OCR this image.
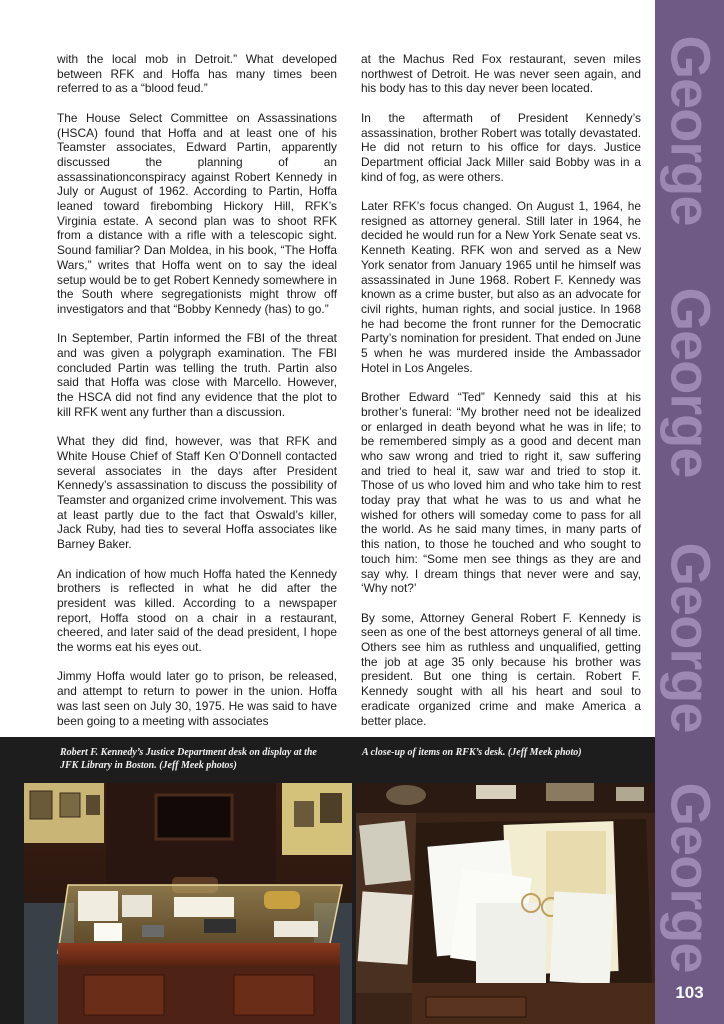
with the local mob in Detroit.” What developed between RFK and Hoffa has many times been referred to as a “blood feud.”

The House Select Committee on Assassinations (HSCA) found that Hoffa and at least one of his Teamster associates, Edward Partin, apparently discussed the planning of an assassinationconspiracy against Robert Kennedy in July or August of 1962. According to Partin, Hoffa leaned toward firebombing Hickory Hill, RFK’s Virginia estate. A second plan was to shoot RFK from a distance with a rifle with a telescopic sight. Sound familiar? Dan Moldea, in his book, “The Hoffa Wars,” writes that Hoffa went on to say the ideal setup would be to get Robert Kennedy somewhere in the South where segregationists might throw off investigators and that “Bobby Kennedy (has) to go.”

In September, Partin informed the FBI of the threat and was given a polygraph examination. The FBI concluded Partin was telling the truth. Partin also said that Hoffa was close with Marcello. However, the HSCA did not find any evidence that the plot to kill RFK went any further than a discussion.

What they did find, however, was that RFK and White House Chief of Staff Ken O’Donnell contacted several associates in the days after President Kennedy’s assassination to discuss the possibility of Teamster and organized crime involvement. This was at least partly due to the fact that Oswald’s killer, Jack Ruby, had ties to several Hoffa associates like Barney Baker.

An indication of how much Hoffa hated the Kennedy brothers is reflected in what he did after the president was killed. According to a newspaper report, Hoffa stood on a chair in a restaurant, cheered, and later said of the dead president, I hope the worms eat his eyes out.

Jimmy Hoffa would later go to prison, be released, and attempt to return to power in the union. Hoffa was last seen on July 30, 1975. He was said to have been going to a meeting with associates

at the Machus Red Fox restaurant, seven miles northwest of Detroit. He was never seen again, and his body has to this day never been located.

In the aftermath of President Kennedy’s assassination, brother Robert was totally devastated. He did not return to his office for days. Justice Department official Jack Miller said Bobby was in a kind of fog, as were others.

Later RFK’s focus changed. On August 1, 1964, he resigned as attorney general. Still later in 1964, he decided he would run for a New York Senate seat vs. Kenneth Keating. RFK won and served as a New York senator from January 1965 until he himself was assassinated in June 1968. Robert F. Kennedy was known as a crime buster, but also as an advocate for civil rights, human rights, and social justice. In 1968 he had become the front runner for the Democratic Party’s nomination for president. That ended on June 5 when he was murdered inside the Ambassador Hotel in Los Angeles.

Brother Edward “Ted” Kennedy said this at his brother’s funeral: “My brother need not be idealized or enlarged in death beyond what he was in life; to be remembered simply as a good and decent man who saw wrong and tried to right it, saw suffering and tried to heal it, saw war and tried to stop it. Those of us who loved him and who take him to rest today pray that what he was to us and what he wished for others will someday come to pass for all the world. As he said many times, in many parts of this nation, to those he touched and who sought to touch him: “Some men see things as they are and say why. I dream things that never were and say, ‘Why not?’

By some, Attorney General Robert F. Kennedy is seen as one of the best attorneys general of all time. Others see him as ruthless and unqualified, getting the job at age 35 only because his brother was president. But one thing is certain. Robert F. Kennedy sought with all his heart and soul to eradicate organized crime and make America a better place.

George
George
George
George
103
Robert F. Kennedy’s Justice Department desk on display at the JFK Library in Boston. (Jeff Meek photos)
A close-up of items on RFK’s desk. (Jeff Meek photo)
